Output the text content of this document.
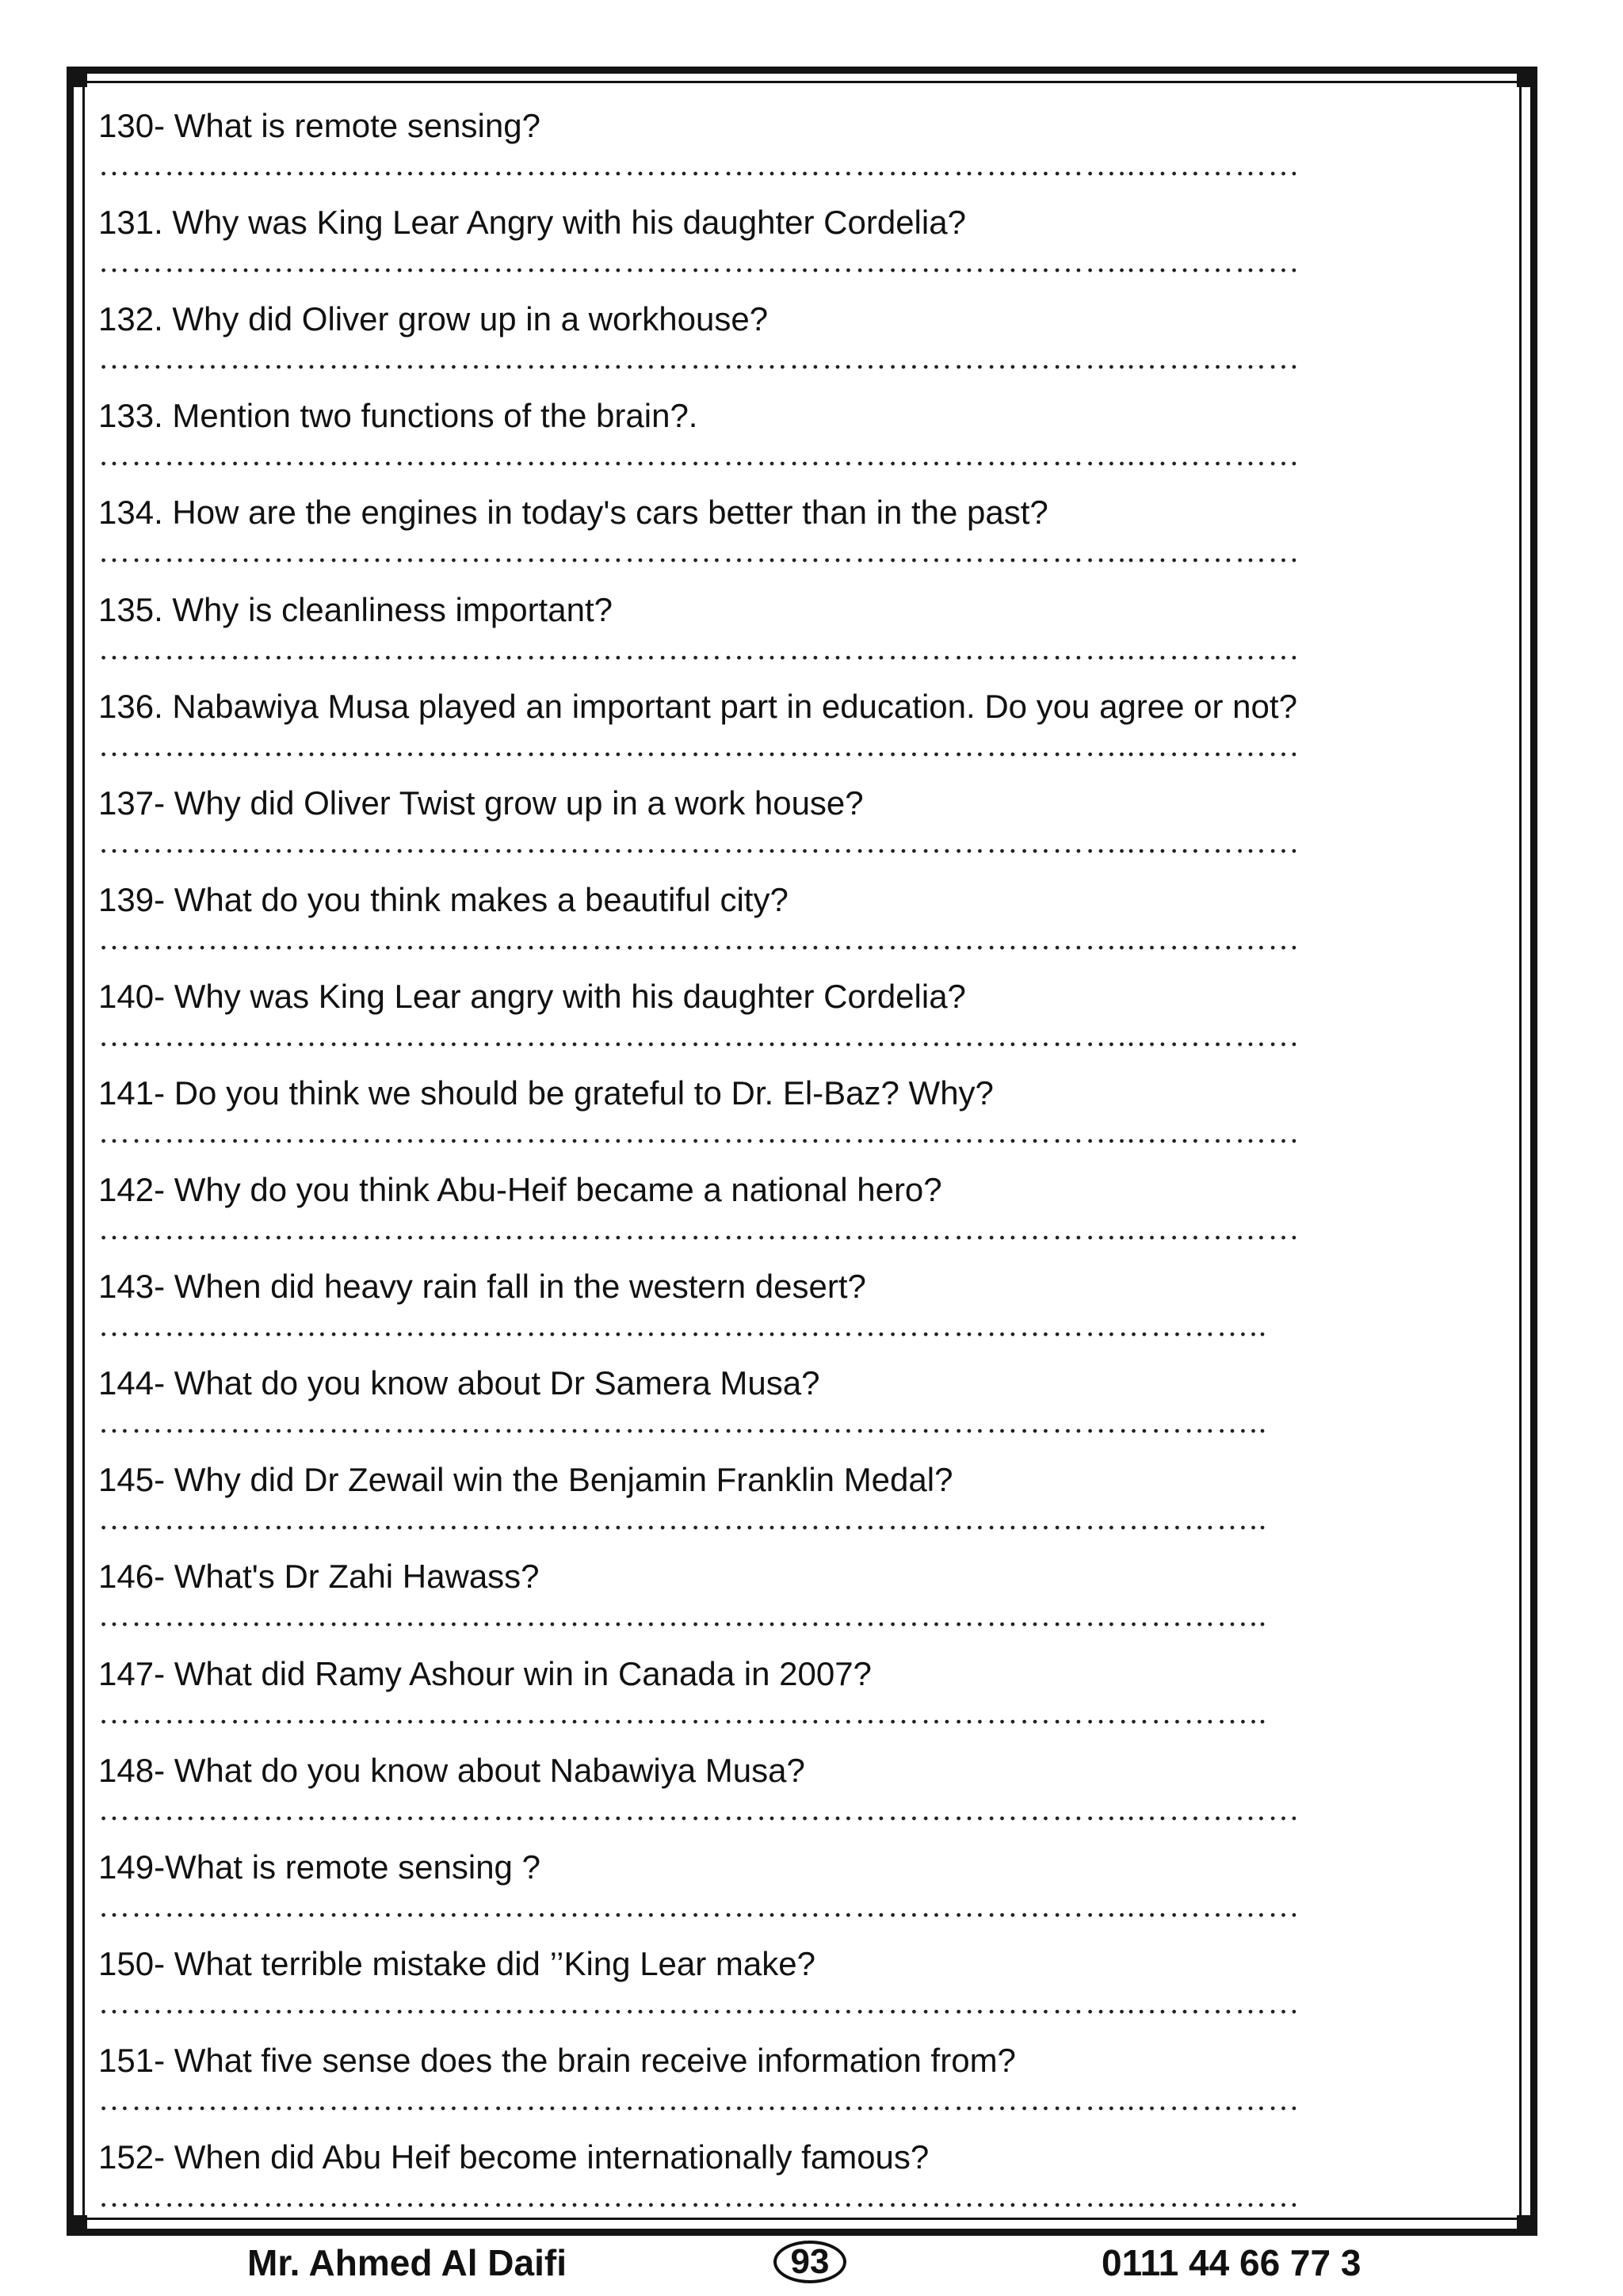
130- What is remote sensing?
…………………………………………………………………………………..……………
131. Why was King Lear Angry with his daughter Cordelia?
…………………………………………………………………………………..……………
132. Why did Oliver grow up in a workhouse?
…………………………………………………………………………………..……………
133. Mention two functions of the brain?.
…………………………………………………………………………………..……………
134. How are the engines in today's cars better than in the past?
…………………………………………………………………………………..……………
135. Why is cleanliness important?
…………………………………………………………………………………..……………
136. Nabawiya Musa played an important part in education. Do you agree or not?
…………………………………………………………………………………..……………
137- Why did Oliver Twist grow up in a work house?
…………………………………………………………………………………..……………
139- What do you think makes a beautiful city?
…………………………………………………………………………………..……………
140- Why was King Lear angry with his daughter Cordelia?
…………………………………………………………………………………..……………
141- Do you think we should be grateful to Dr. El-Baz? Why?
…………………………………………………………………………………..……………
142- Why do you think Abu-Heif became a national hero?
…………………………………………………………………………………..……………
143- When did heavy rain fall in the western desert?
……………………………………………………………………………………………..
144- What do you know about Dr Samera Musa?
……………………………………………………………………………………………..
145- Why did Dr Zewail win the Benjamin Franklin Medal?
……………………………………………………………………………………………..
146- What's Dr Zahi Hawass?
……………………………………………………………………………………………..
147- What did Ramy Ashour win in Canada in 2007?
……………………………………………………………………………………………..
148- What do you know about Nabawiya Musa?
…………………………………………………………………………………..……………
149-What is remote sensing ?
…………………………………………………………………………………..……………
150- What terrible mistake did ’’King Lear make?
…………………………………………………………………………………..……………
151- What five sense does the brain receive information from?
…………………………………………………………………………………..……………
152- When did Abu Heif become internationally famous?
…………………………………………………………………………………..……………
Mr. Ahmed Al Daifi	93	0111 44 66 77 3
